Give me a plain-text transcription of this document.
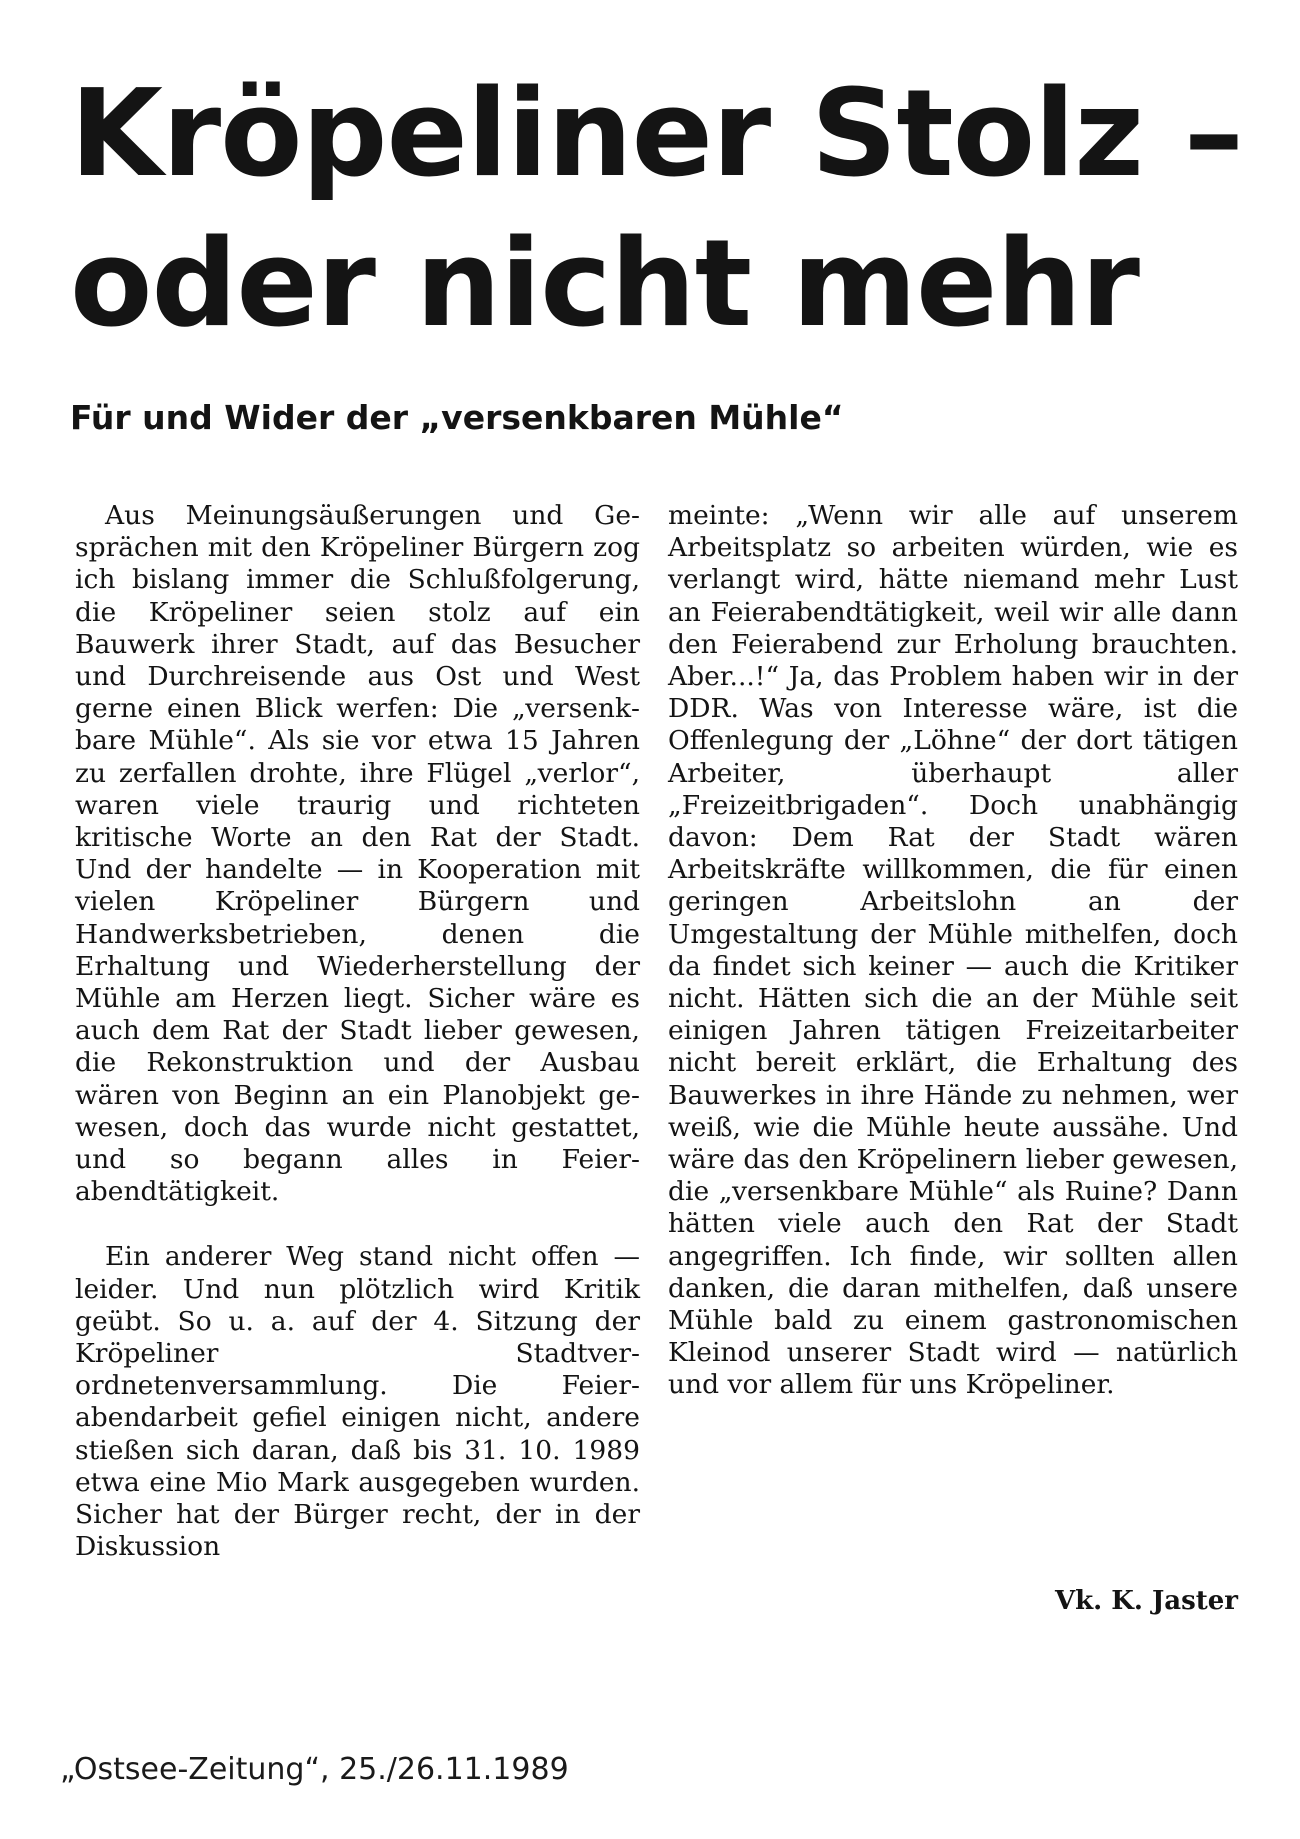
Kröpeliner Stolz –
oder nicht mehr
Für und Wider der „versenkbaren Mühle“

Aus Meinungsäußerungen und Gesprächen mit den Kröpeliner Bürgern zog ich bislang immer die Schlußfolgerung, die Kröpeliner seien stolz auf ein Bauwerk ihrer Stadt, auf das Besucher und Durchreisende aus Ost und West gerne einen Blick werfen: Die „versenkbare Mühle“. Als sie vor etwa 15 Jahren zu zerfallen drohte, ihre Flügel „verlor“, waren viele traurig und richteten kritische Worte an den Rat der Stadt. Und der handelte — in Kooperation mit vielen Kröpeliner Bürgern und Handwerksbetrieben, denen die Erhaltung und Wiederherstellung der Mühle am Herzen liegt. Sicher wäre es auch dem Rat der Stadt lieber gewesen, die Rekonstruktion und der Ausbau wären von Beginn an ein Planobjekt gewesen, doch das wurde nicht gestattet, und so begann alles in Feierabendtätigkeit.

Ein anderer Weg stand nicht offen — leider. Und nun plötzlich wird Kritik geübt. So u. a. auf der 4. Sitzung der Kröpeliner Stadtverordnetenversammlung. Die Feierabendarbeit gefiel einigen nicht, andere stießen sich daran, daß bis 31. 10. 1989 etwa eine Mio Mark ausgegeben wurden. Sicher hat der Bürger recht, der in der Diskussion

meinte: „Wenn wir alle auf unserem Arbeitsplatz so arbeiten würden, wie es verlangt wird, hätte niemand mehr Lust an Feierabendtätigkeit, weil wir alle dann den Feierabend zur Erholung brauchten. Aber...!“ Ja, das Problem haben wir in der DDR. Was von Interesse wäre, ist die Offenlegung der „Löhne“ der dort tätigen Arbeiter, überhaupt aller „Freizeitbrigaden“. Doch unabhängig davon: Dem Rat der Stadt wären Arbeitskräfte willkommen, die für einen geringen Arbeitslohn an der Umgestaltung der Mühle mithelfen, doch da findet sich keiner — auch die Kritiker nicht. Hätten sich die an der Mühle seit einigen Jahren tätigen Freizeitarbeiter nicht bereit erklärt, die Erhaltung des Bauwerkes in ihre Hände zu nehmen, wer weiß, wie die Mühle heute aussähe. Und wäre das den Kröpelinern lieber gewesen, die „versenkbare Mühle“ als Ruine? Dann hätten viele auch den Rat der Stadt angegriffen. Ich finde, wir sollten allen danken, die daran mithelfen, daß unsere Mühle bald zu einem gastronomischen Kleinod unserer Stadt wird — natürlich und vor allem für uns Kröpeliner.

Vk. K. Jaster
„Ostsee-Zeitung“, 25./26.11.1989
